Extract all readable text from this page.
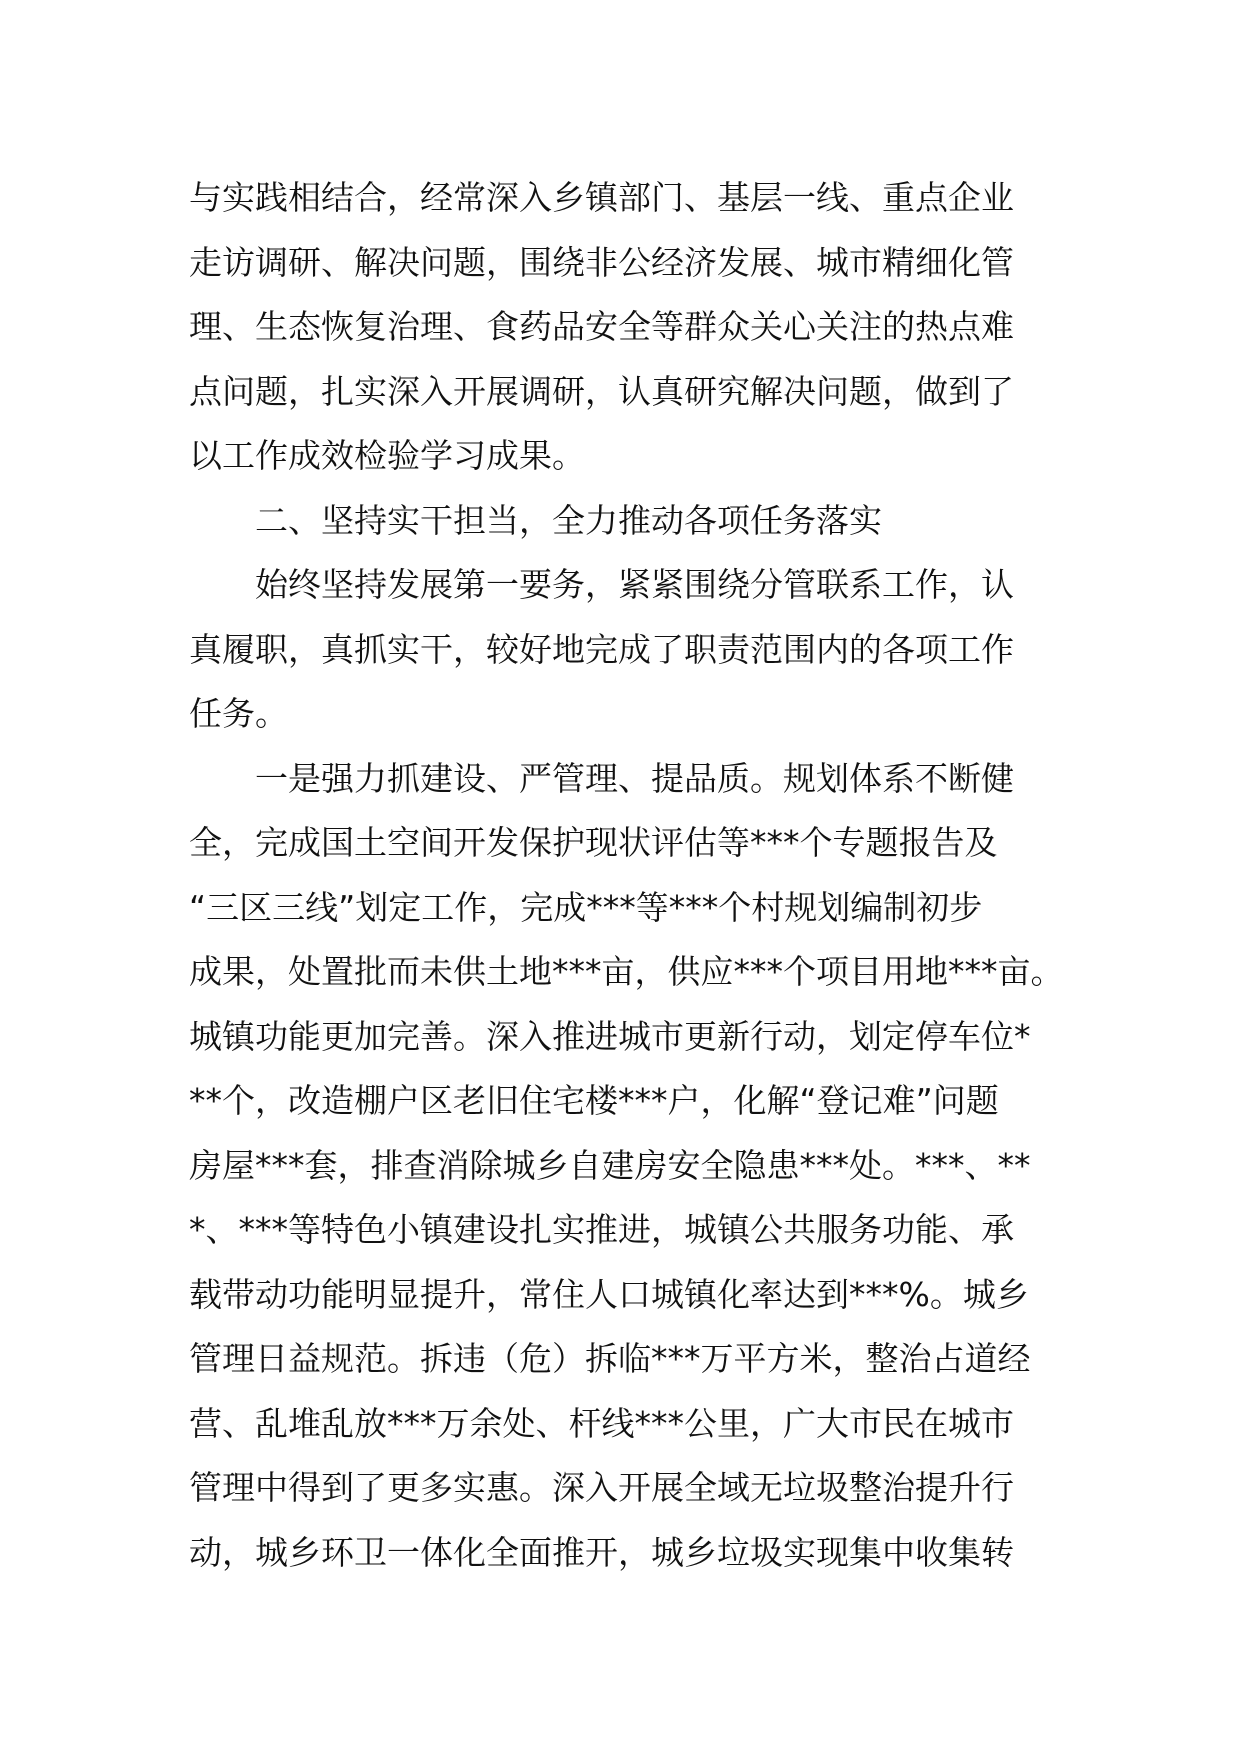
与实践相结合，经常深入乡镇部门、基层一线、重点企业
走访调研、解决问题，围绕非公经济发展、城市精细化管
理、生态恢复治理、食药品安全等群众关心关注的热点难
点问题，扎实深入开展调研，认真研究解决问题，做到了
以工作成效检验学习成果。
二、坚持实干担当，全力推动各项任务落实
始终坚持发展第一要务，紧紧围绕分管联系工作，认
真履职，真抓实干，较好地完成了职责范围内的各项工作
任务。
一是强力抓建设、严管理、提品质。规划体系不断健
全，完成国土空间开发保护现状评估等***个专题报告及
“三区三线”划定工作，完成***等***个村规划编制初步
成果，处置批而未供土地***亩，供应***个项目用地***亩。
城镇功能更加完善。深入推进城市更新行动，划定停车位*
**个，改造棚户区老旧住宅楼***户，化解“登记难”问题
房屋***套，排查消除城乡自建房安全隐患***处。***、**
*、***等特色小镇建设扎实推进，城镇公共服务功能、承
载带动功能明显提升，常住人口城镇化率达到***%。城乡
管理日益规范。拆违（危）拆临***万平方米，整治占道经
营、乱堆乱放***万余处、杆线***公里，广大市民在城市
管理中得到了更多实惠。深入开展全域无垃圾整治提升行
动，城乡环卫一体化全面推开，城乡垃圾实现集中收集转
